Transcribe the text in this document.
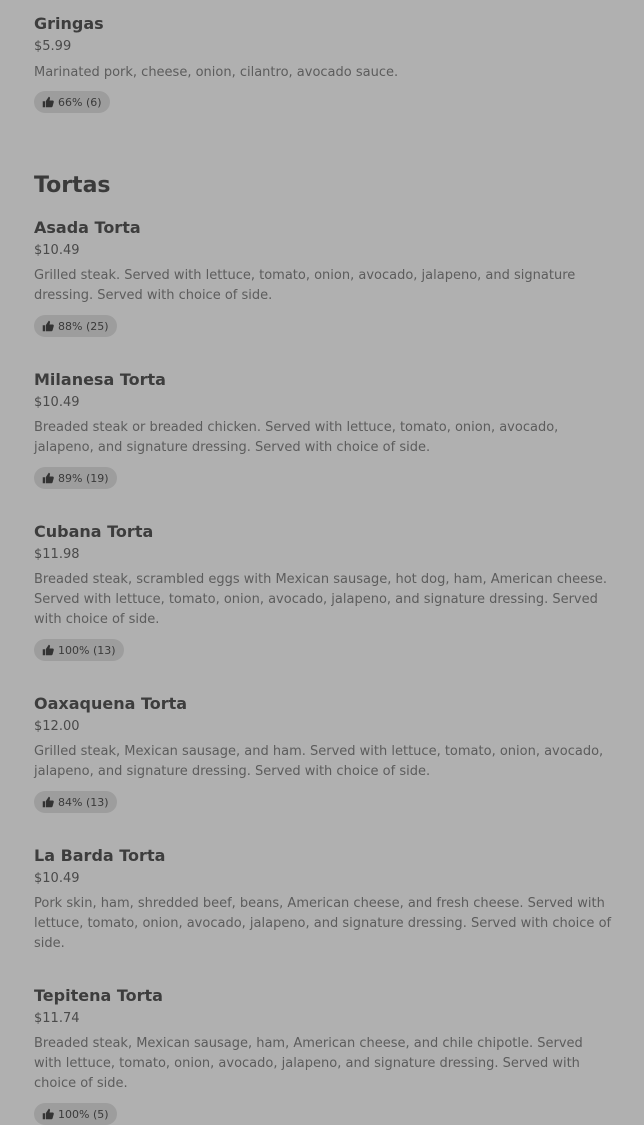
Gringas
$5.99
Marinated pork, cheese, onion, cilantro, avocado sauce.
66% (6)
Tortas
Asada Torta
$10.49
Grilled steak. Served with lettuce, tomato, onion, avocado, jalapeno, and signature dressing. Served with choice of side.
88% (25)
Milanesa Torta
$10.49
Breaded steak or breaded chicken. Served with lettuce, tomato, onion, avocado, jalapeno, and signature dressing. Served with choice of side.
89% (19)
Cubana Torta
$11.98
Breaded steak, scrambled eggs with Mexican sausage, hot dog, ham, American cheese. Served with lettuce, tomato, onion, avocado, jalapeno, and signature dressing. Served with choice of side.
100% (13)
Oaxaquena Torta
$12.00
Grilled steak, Mexican sausage, and ham. Served with lettuce, tomato, onion, avocado, jalapeno, and signature dressing. Served with choice of side.
84% (13)
La Barda Torta
$10.49
Pork skin, ham, shredded beef, beans, American cheese, and fresh cheese. Served with lettuce, tomato, onion, avocado, jalapeno, and signature dressing. Served with choice of side.
Tepitena Torta
$11.74
Breaded steak, Mexican sausage, ham, American cheese, and chile chipotle. Served with lettuce, tomato, onion, avocado, jalapeno, and signature dressing. Served with choice of side.
100% (5)
